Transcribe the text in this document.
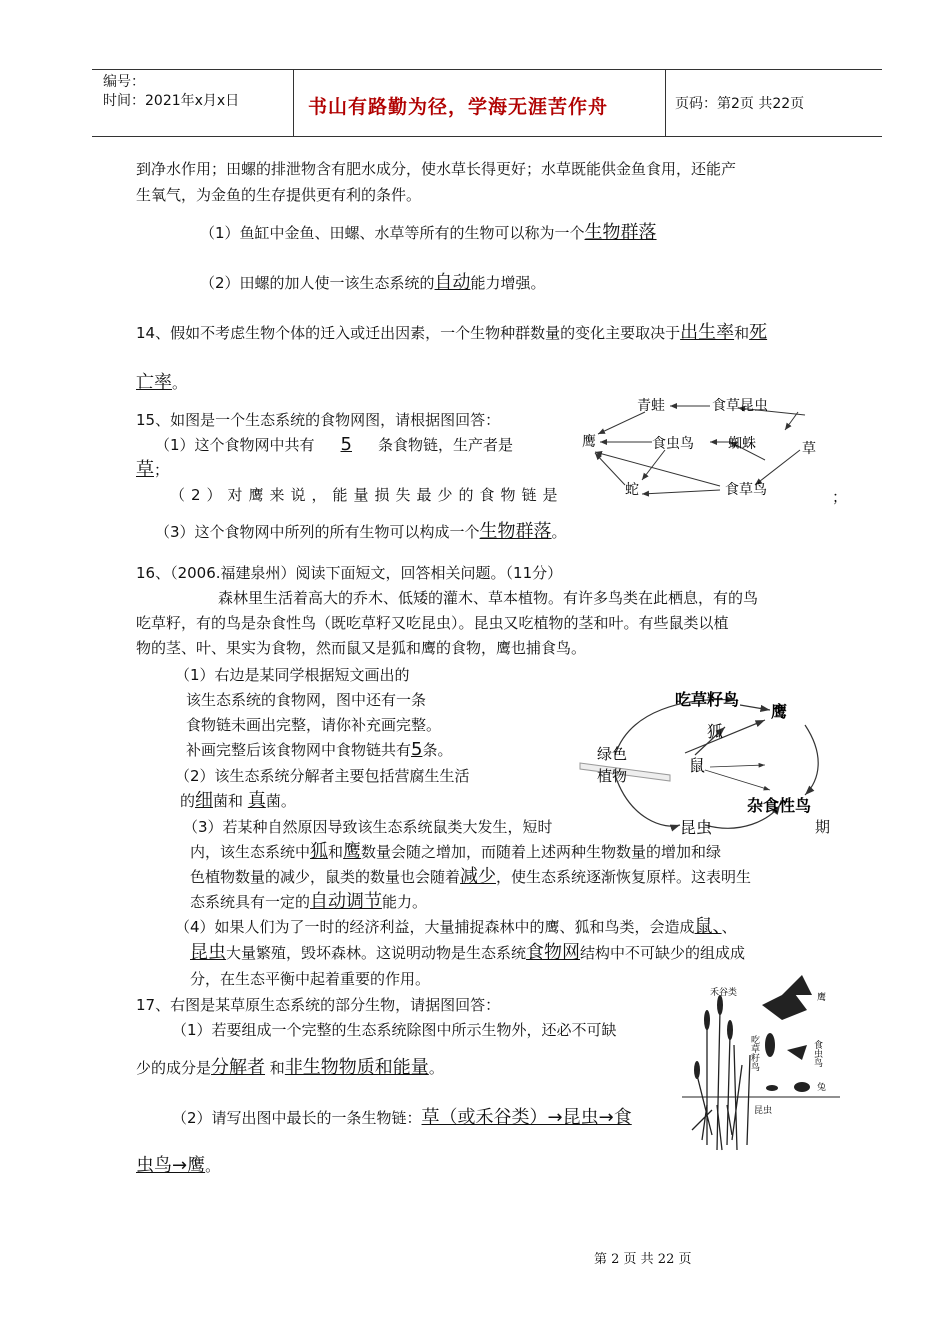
编号：
时间：2021年x月x日	书山有路勤为径，学海无涯苦作舟	页码：第2页 共22页
到净水作用；田螺的排泄物含有肥水成分，使水草长得更好；水草既能供金鱼食用，还能产
生氧气，为金鱼的生存提供更有利的条件。
（1）鱼缸中金鱼、田螺、水草等所有的生物可以称为一个生物群落
（2）田螺的加人使一该生态系统的自动能力增强。
14、假如不考虑生物个体的迁入或迁出因素，一个生物种群数量的变化主要取决于出生率和死
亡率。
15、如图是一个生态系统的食物网图，请根据图回答：
（1）这个食物网中共有 5 条食物链，生产者是
草；
（2）对鹰来说，能量损失最少的食物链是	；
（3）这个食物网中所列的所有生物可以构成一个生物群落。
青蛙	食草昆虫
鹰	食虫鸟 蜘蛛	草
蛇	食草鸟
16、（2006.福建泉州）阅读下面短文，回答相关问题。（11分）
森林里生活着高大的乔木、低矮的灌木、草本植物。有许多鸟类在此栖息，有的鸟
吃草籽，有的鸟是杂食性鸟（既吃草籽又吃昆虫）。昆虫又吃植物的茎和叶。有些鼠类以植
物的茎、叶、果实为食物，然而鼠又是狐和鹰的食物，鹰也捕食鸟。
（1）右边是某同学根据短文画出的
该生态系统的食物网，图中还有一条
食物链未画出完整，请你补充画完整。
补画完整后该食物网中食物链共有5条。
（2）该生态系统分解者主要包括营腐生生活
的细菌和 真菌。
（3）若某种自然原因导致该生态系统鼠类大发生，短时	期
内，该生态系统中狐和鹰数量会随之增加，而随着上述两种生物数量的增加和绿
色植物数量的减少，鼠类的数量也会随着减少，使生态系统逐渐恢复原样。这表明生
态系统具有一定的自动调节能力。
（4）如果人们为了一时的经济利益，大量捕捉森林中的鹰、狐和鸟类，会造成鼠、、
昆虫大量繁殖，毁坏森林。这说明动物是生态系统食物网结构中不可缺少的组成成
分，在生态平衡中起着重要的作用。
吃草籽鸟
鹰
狐
绿色
植物
鼠
杂食性鸟
昆虫
17、右图是某草原生态系统的部分生物，请据图回答：
（1）若要组成一个完整的生态系统除图中所示生物外，还必不可缺
少的成分是分解者 和非生物物质和能量。
（2）请写出图中最长的一条生物链：草（或禾谷类）→昆虫→食
虫鸟→鹰。
禾谷类
吃草籽鸟
鹰
食虫鸟
兔
昆虫
第 2 页 共 22 页
